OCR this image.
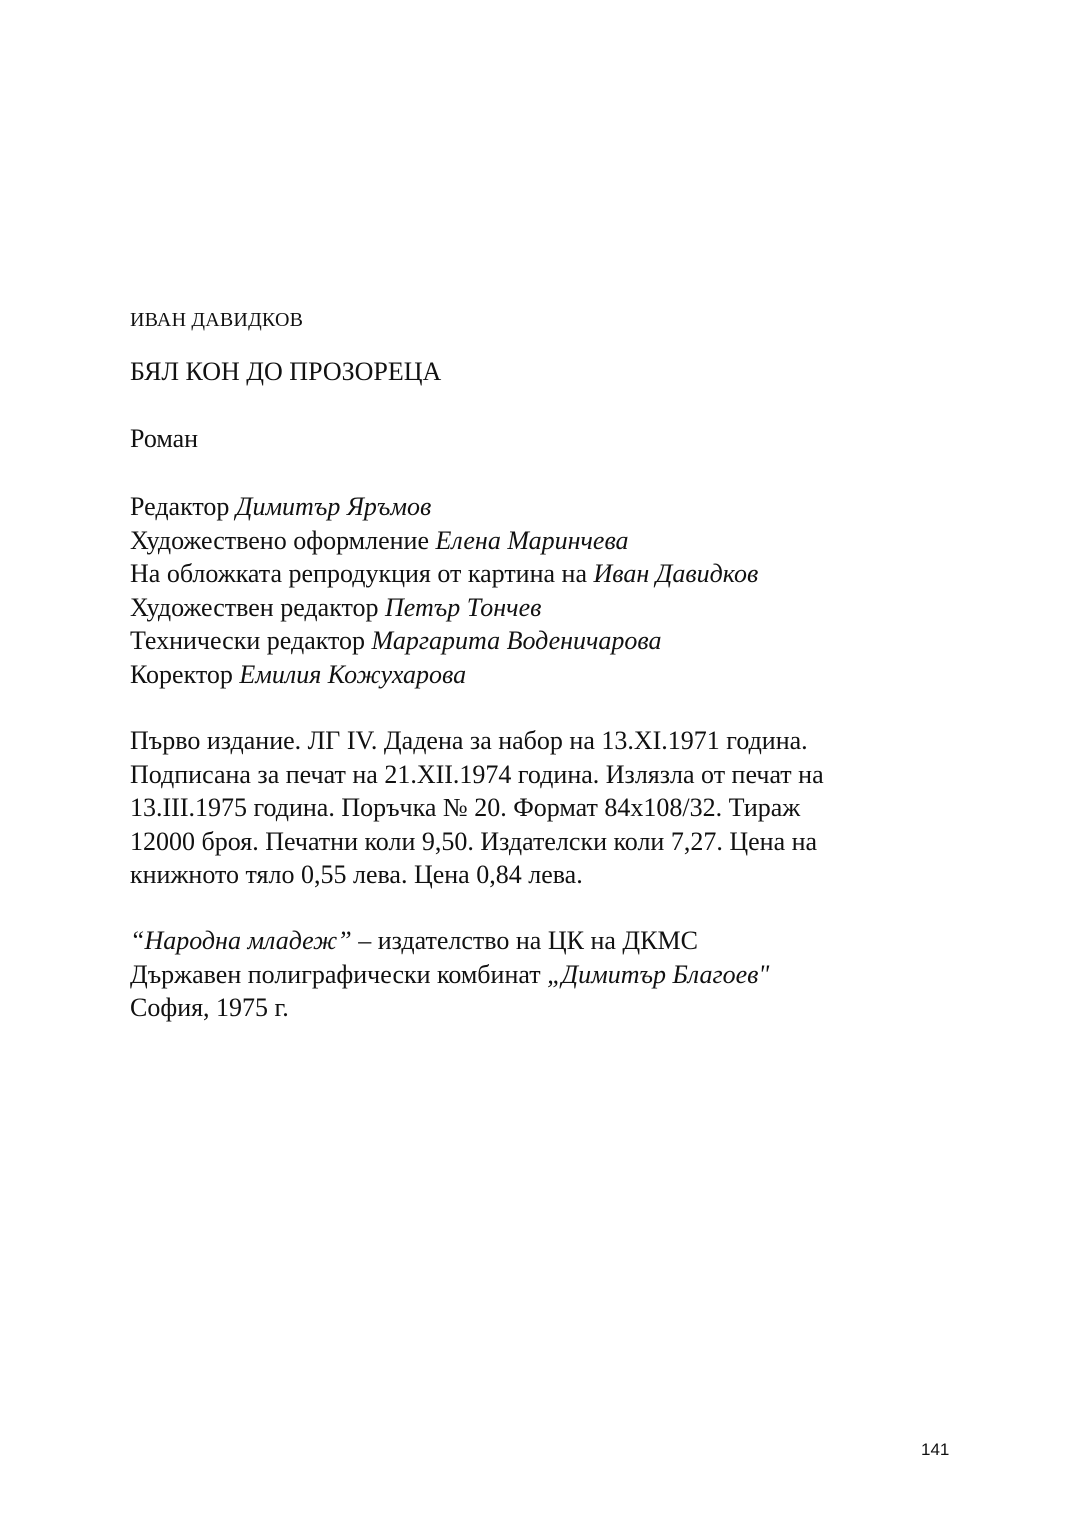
ИВАН ДАВИДКОВ
БЯЛ КОН ДО ПРОЗОРЕЦА
Роман
Редактор Димитър Яръмов
Художествено оформление Елена Маринчева
На обложката репродукция от картина на Иван Давидков
Художествен редактор Петър Тончев
Технически редактор Маргарита Воденичарова
Коректор Емилия Кожухарова
Първо издание. ЛГ IV. Дадена за набор на 13.XI.1971 година.
Подписана за печат на 21.XII.1974 година. Излязла от печат на
13.III.1975 година. Поръчка № 20. Формат 84x108/32. Тираж
12000 броя. Печатни коли 9,50. Издателски коли 7,27. Цена на
книжното тяло 0,55 лева. Цена 0,84 лева.
“Народна младеж” – издателство на ЦК на ДКМС
Държавен полиграфически комбинат „Димитър Благоев"
София, 1975 г.
141
